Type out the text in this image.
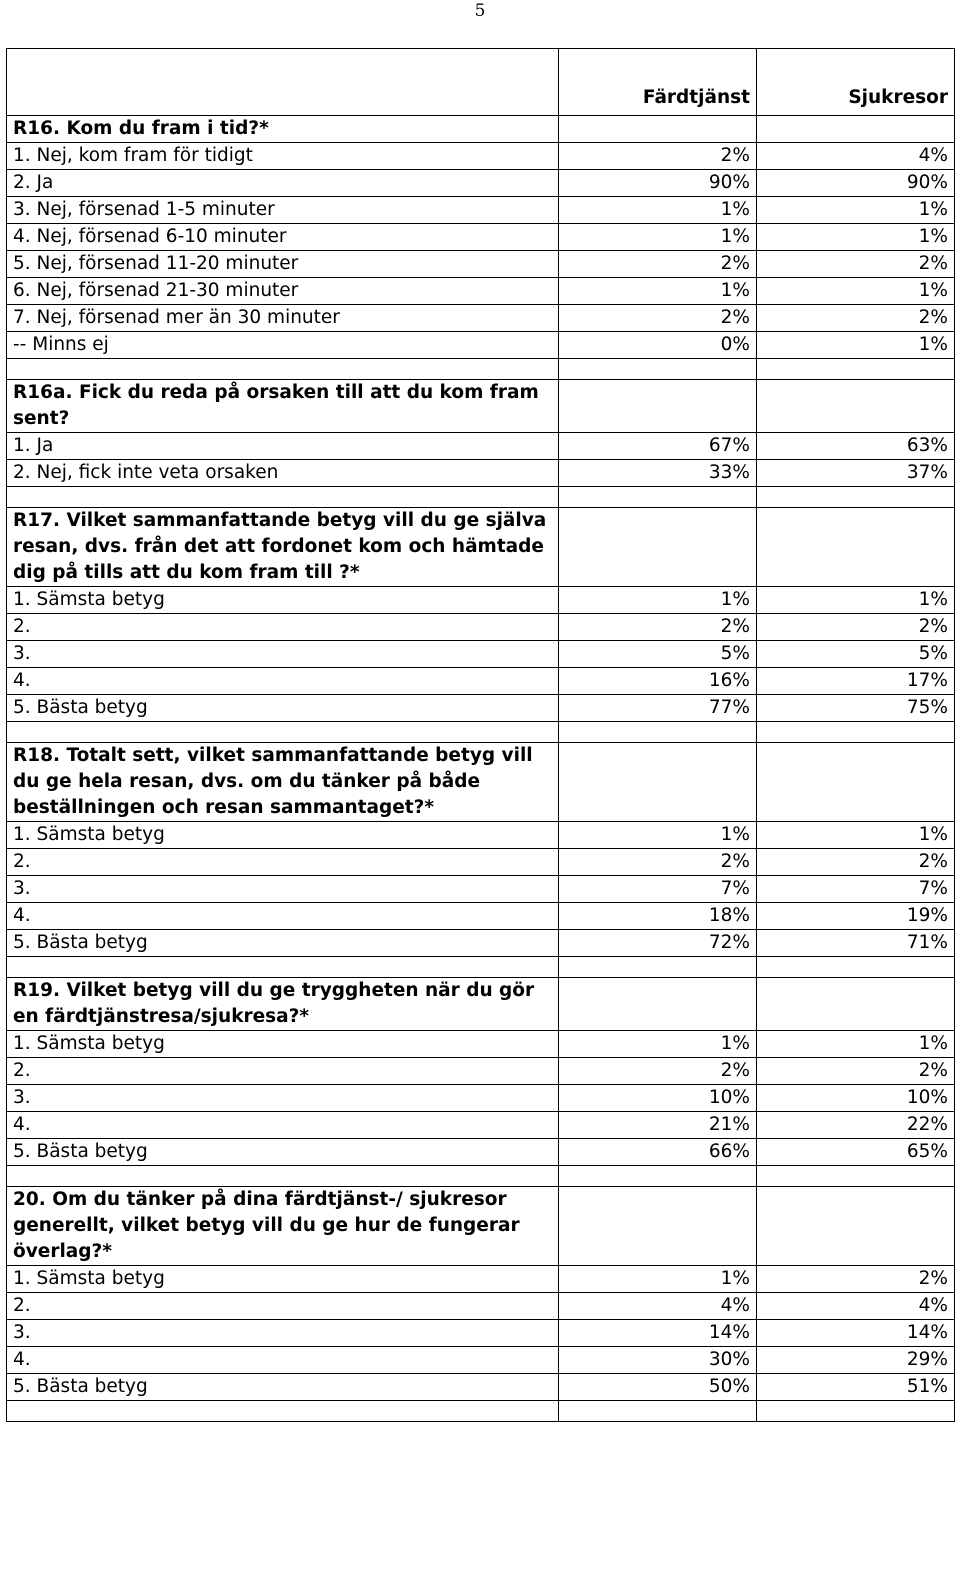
5
	Färdtjänst	Sjukresor
R16. Kom du fram i tid?*		
1. Nej, kom fram för tidigt	2%	4%
2. Ja	90%	90%
3. Nej, försenad 1-5 minuter	1%	1%
4. Nej, försenad 6-10 minuter	1%	1%
5. Nej, försenad 11-20 minuter	2%	2%
6. Nej, försenad 21-30 minuter	1%	1%
7. Nej, försenad mer än 30 minuter	2%	2%
-- Minns ej	0%	1%

R16a. Fick du reda på orsaken till att du kom fram sent?		
1. Ja	67%	63%
2. Nej, fick inte veta orsaken	33%	37%

R17. Vilket sammanfattande betyg vill du ge själva resan, dvs. från det att fordonet kom och hämtade dig på tills att du kom fram till ?*		
1. Sämsta betyg	1%	1%
2.	2%	2%
3.	5%	5%
4.	16%	17%
5. Bästa betyg	77%	75%

R18. Totalt sett, vilket sammanfattande betyg vill du ge hela resan, dvs. om du tänker på både beställningen och resan sammantaget?*		
1. Sämsta betyg	1%	1%
2.	2%	2%
3.	7%	7%
4.	18%	19%
5. Bästa betyg	72%	71%

R19. Vilket betyg vill du ge tryggheten när du gör en färdtjänstresa/sjukresa?*		
1. Sämsta betyg	1%	1%
2.	2%	2%
3.	10%	10%
4.	21%	22%
5. Bästa betyg	66%	65%

20. Om du tänker på dina färdtjänst-/ sjukresor generellt, vilket betyg vill du ge hur de fungerar överlag?*		
1. Sämsta betyg	1%	2%
2.	4%	4%
3.	14%	14%
4.	30%	29%
5. Bästa betyg	50%	51%
